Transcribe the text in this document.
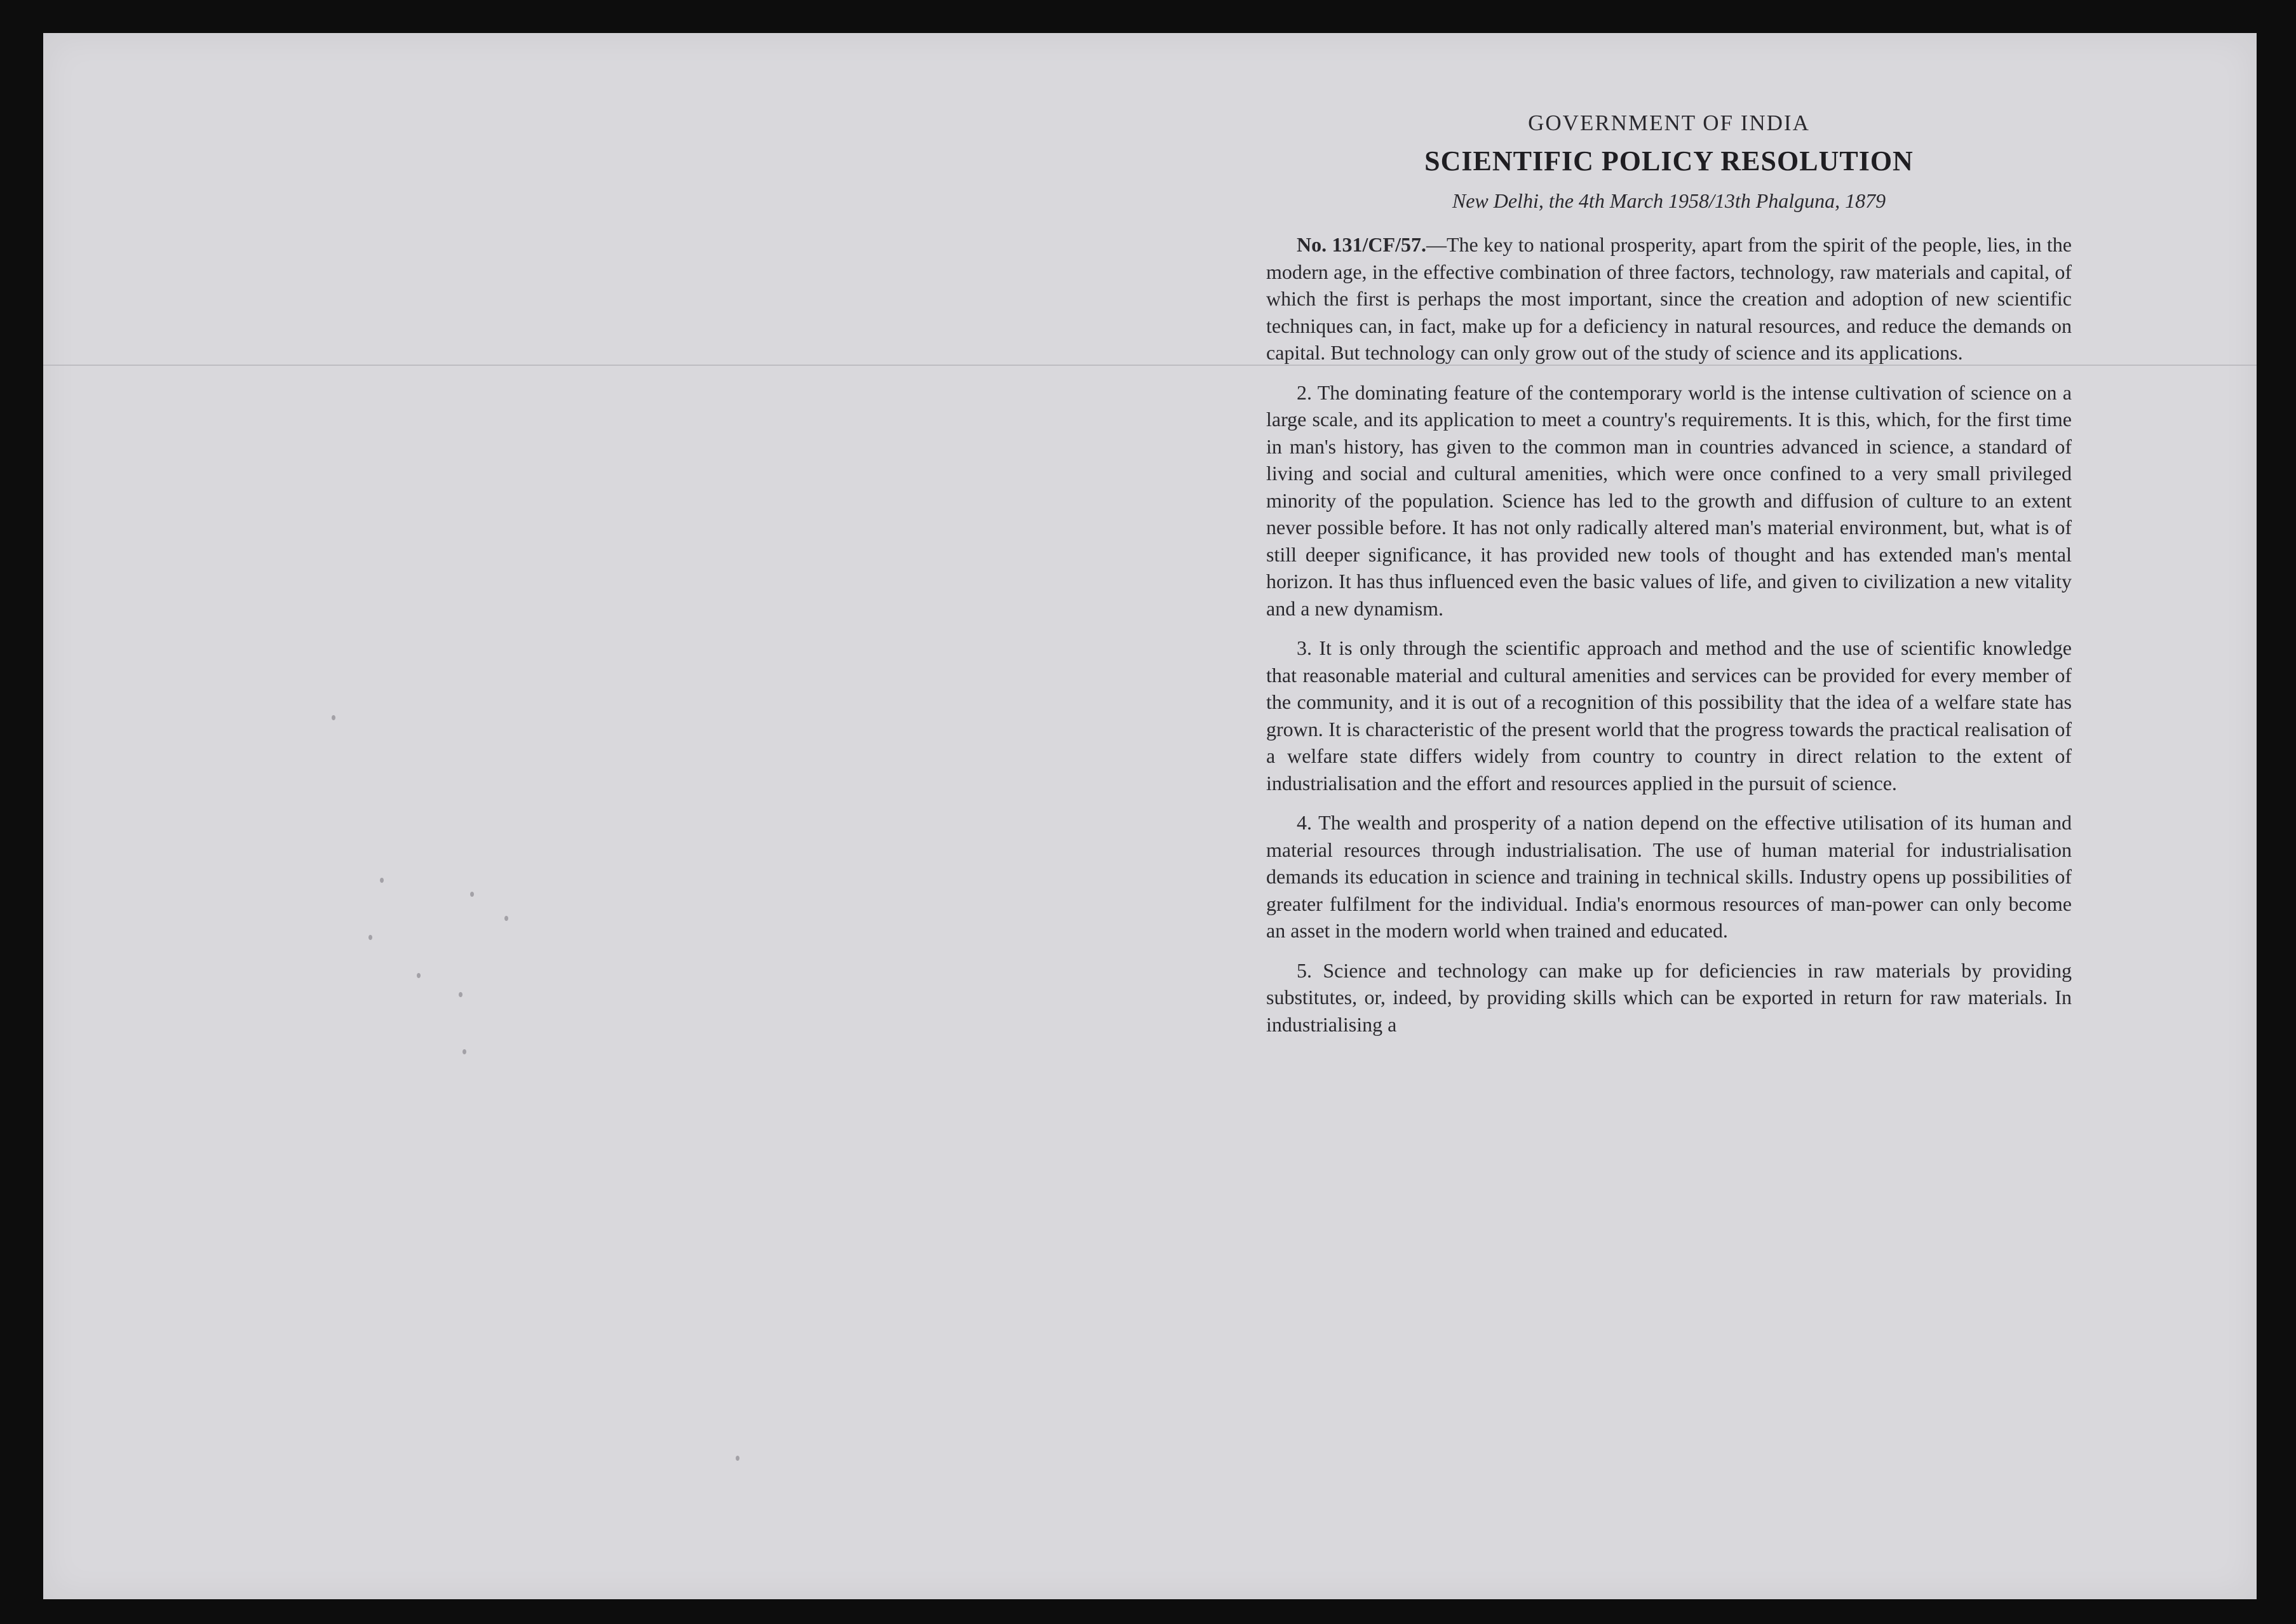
GOVERNMENT OF INDIA

SCIENTIFIC POLICY RESOLUTION

New Delhi, the 4th March 1958/13th Phalguna, 1879

No. 131/CF/57.—The key to national prosperity, apart from the spirit of the people, lies, in the modern age, in the effective combination of three factors, technology, raw materials and capital, of which the first is perhaps the most important, since the creation and adoption of new scientific techniques can, in fact, make up for a deficiency in natural resources, and reduce the demands on capital. But technology can only grow out of the study of science and its applications.

2. The dominating feature of the contemporary world is the intense cultivation of science on a large scale, and its application to meet a country's requirements. It is this, which, for the first time in man's history, has given to the common man in countries advanced in science, a standard of living and social and cultural amenities, which were once confined to a very small privileged minority of the population. Science has led to the growth and diffusion of culture to an extent never possible before. It has not only radically altered man's material environment, but, what is of still deeper significance, it has provided new tools of thought and has extended man's mental horizon. It has thus influenced even the basic values of life, and given to civilization a new vitality and a new dynamism.

3. It is only through the scientific approach and method and the use of scientific knowledge that reasonable material and cultural amenities and services can be provided for every member of the community, and it is out of a recognition of this possibility that the idea of a welfare state has grown. It is characteristic of the present world that the progress towards the practical realisation of a welfare state differs widely from country to country in direct relation to the extent of industrialisation and the effort and resources applied in the pursuit of science.

4. The wealth and prosperity of a nation depend on the effective utilisation of its human and material resources through industrialisation. The use of human material for industrialisation demands its education in science and training in technical skills. Industry opens up possibilities of greater fulfilment for the individual. India's enormous resources of man-power can only become an asset in the modern world when trained and educated.

5. Science and technology can make up for deficiencies in raw materials by providing substitutes, or, indeed, by providing skills which can be exported in return for raw materials. In industrialising a
